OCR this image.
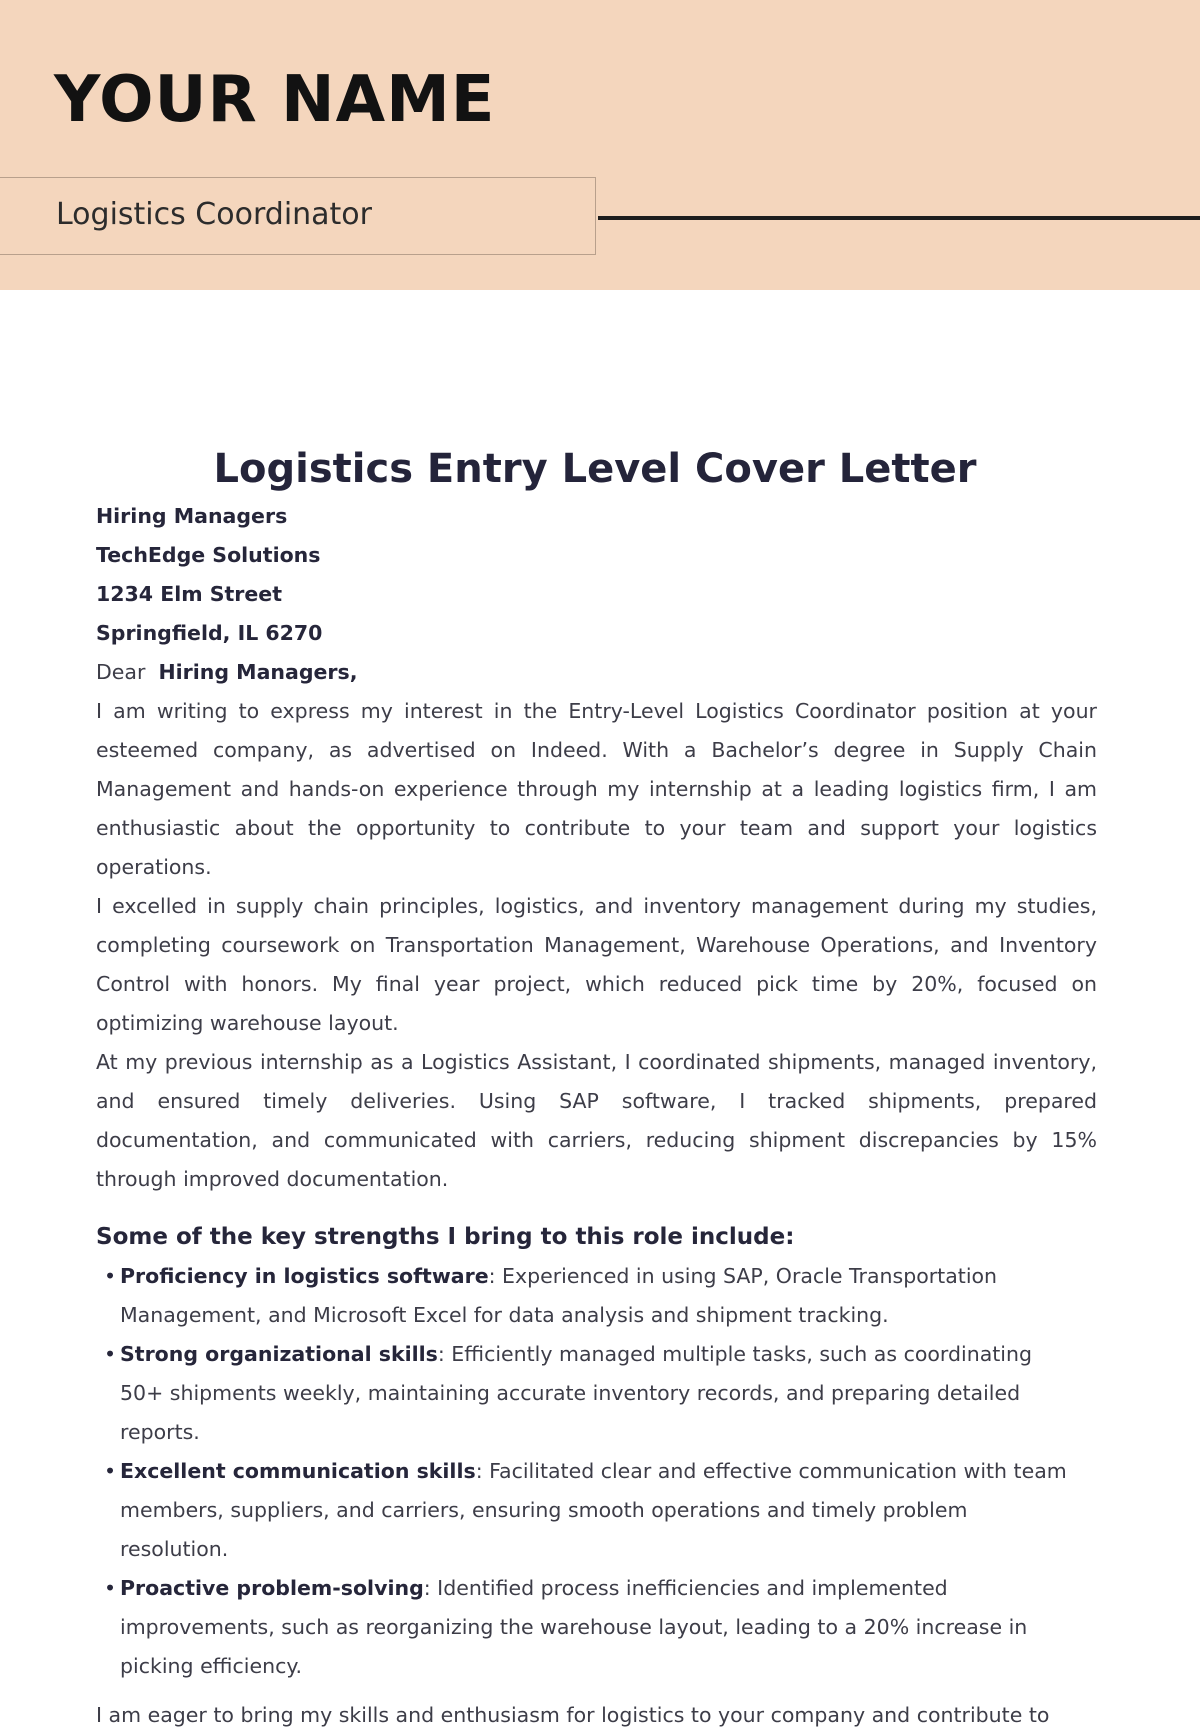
YOUR NAME
Logistics Coordinator
Logistics Entry Level Cover Letter
Hiring Managers
TechEdge Solutions
1234 Elm Street
Springfield, IL 6270
Dear Hiring Managers,

I am writing to express my interest in the Entry-Level Logistics Coordinator position at your esteemed company, as advertised on Indeed. With a Bachelor’s degree in Supply Chain Management and hands-on experience through my internship at a leading logistics firm, I am enthusiastic about the opportunity to contribute to your team and support your logistics operations.

I excelled in supply chain principles, logistics, and inventory management during my studies, completing coursework on Transportation Management, Warehouse Operations, and Inventory Control with honors. My final year project, which reduced pick time by 20%, focused on optimizing warehouse layout.

At my previous internship as a Logistics Assistant, I coordinated shipments, managed inventory, and ensured timely deliveries. Using SAP software, I tracked shipments, prepared documentation, and communicated with carriers, reducing shipment discrepancies by 15% through improved documentation.

Some of the key strengths I bring to this role include:
• Proficiency in logistics software: Experienced in using SAP, Oracle Transportation Management, and Microsoft Excel for data analysis and shipment tracking.
• Strong organizational skills: Efficiently managed multiple tasks, such as coordinating 50+ shipments weekly, maintaining accurate inventory records, and preparing detailed reports.
• Excellent communication skills: Facilitated clear and effective communication with team members, suppliers, and carriers, ensuring smooth operations and timely problem resolution.
• Proactive problem-solving: Identified process inefficiencies and implemented improvements, such as reorganizing the warehouse layout, leading to a 20% increase in picking efficiency.

I am eager to bring my skills and enthusiasm for logistics to your company and contribute to
